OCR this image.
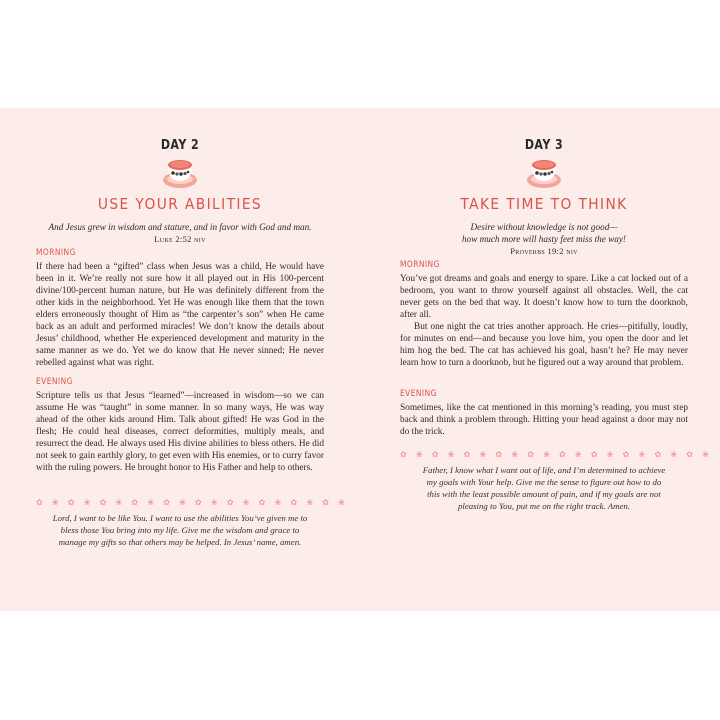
DAY 2
USE YOUR ABILITIES
And Jesus grew in wisdom and stature, and in favor with God and man.
Luke 2:52 niv
MORNING

If there had been a “gifted” class when Jesus was a child, He would have been in it. We’re really not sure how it all played out in His 100-percent divine/100-percent human nature, but He was definitely different from the other kids in the neighborhood. Yet He was enough like them that the town elders erroneously thought of Him as “the carpenter’s son” when He came back as an adult and performed miracles! We don’t know the details about Jesus’ childhood, whether He experienced development and maturity in the same manner as we do. Yet we do know that He never sinned; He never rebelled against what was right.

EVENING

Scripture tells us that Jesus “learned”—increased in wisdom—so we can assume He was “taught” in some manner. In so many ways, He was way ahead of the other kids around Him. Talk about gifted! He was God in the flesh; He could heal diseases, correct deformities, multiply meals, and resurrect the dead. He always used His divine abilities to bless others. He did not seek to gain earthly glory, to get even with His enemies, or to curry favor with the ruling powers. He brought honor to His Father and help to others.

✿ ❀ ✿ ❀ ✿ ❀ ✿ ❀ ✿ ❀ ✿ ❀ ✿ ❀ ✿ ❀ ✿ ❀ ✿ ❀
Lord, I want to be like You. I want to use the abilities You’ve given me to bless those You bring into my life. Give me the wisdom and grace to manage my gifts so that others may be helped. In Jesus’ name, amen.
DAY 3
TAKE TIME TO THINK
Desire without knowledge is not good—
how much more will hasty feet miss the way!
Proverbs 19:2 niv
MORNING

You’ve got dreams and goals and energy to spare. Like a cat locked out of a bedroom, you want to throw yourself against all obstacles. Well, the cat never gets on the bed that way. It doesn’t know how to turn the doorknob, after all.

But one night the cat tries another approach. He cries—pitifully, loudly, for minutes on end—and because you love him, you open the door and let him hog the bed. The cat has achieved his goal, hasn’t he? He may never learn how to turn a doorknob, but he figured out a way around that problem.

EVENING

Sometimes, like the cat mentioned in this morning’s reading, you must step back and think a problem through. Hitting your head against a door may not do the trick.

✿ ❀ ✿ ❀ ✿ ❀ ✿ ❀ ✿ ❀ ✿ ❀ ✿ ❀ ✿ ❀ ✿ ❀ ✿ ❀
Father, I know what I want out of life, and I’m determined to achieve my goals with Your help. Give me the sense to figure out how to do this with the least possible amount of pain, and if my goals are not pleasing to You, put me on the right track. Amen.
